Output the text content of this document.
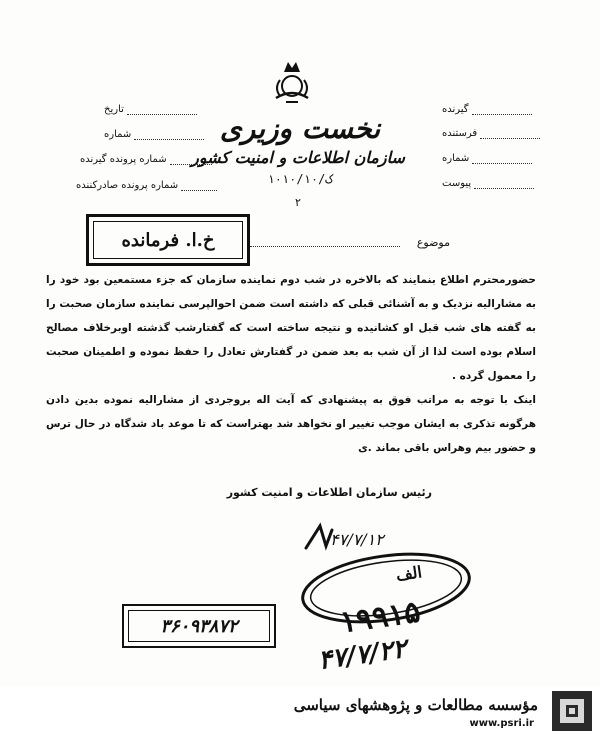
نخست وزیری
سازمان اطلاعات و امنیت کشور
ک/۱۰۱۰/۱۰
۲
تاریخ
شماره
شماره پرونده گیرنده
شماره پرونده صادرکننده
گیرنده
فرستنده
شماره
پیوست
خ.ا. فرمانده	موضوع

حضورمحترم اطلاع بنمایند که بالاخره در شب دوم نماینده سازمان که جزء مستمعین بود خود را به مشارالیه نزدیک و به آشنائی قبلی که داشته است ضمن احوالپرسی نماینده سازمان صحبت را به گفته های شب قبل او کشانیده و نتیجه ساخته است که گفتارشب گذشته اوبرخلاف مصالح اسلام بوده است لذا از آن شب به بعد ضمن در گفتارش تعادل را حفظ نموده و اطمینان صحبت را معمول گرده .

اینک با توجه به مراتب فوق به پیشنهادی که آیت اله بروجردی از مشارالیه نموده بدین دادن هرگونه تذکری به ایشان موجب تغییر او نخواهد شد بهتراست که تا موعد باد شدگاه در حال ترس و حضور بیم وهراس باقی بماند .ی

رئیس سازمان اطلاعات و امنیت کشور
۴۷/۷/۱۲
الف
۱۹۹۱۵
۴۷/۷/۲۲
۳۶۰۹۳۸۷۲
مؤسسه مطالعات و پژوهشهای سیاسی
www.psri.ir
